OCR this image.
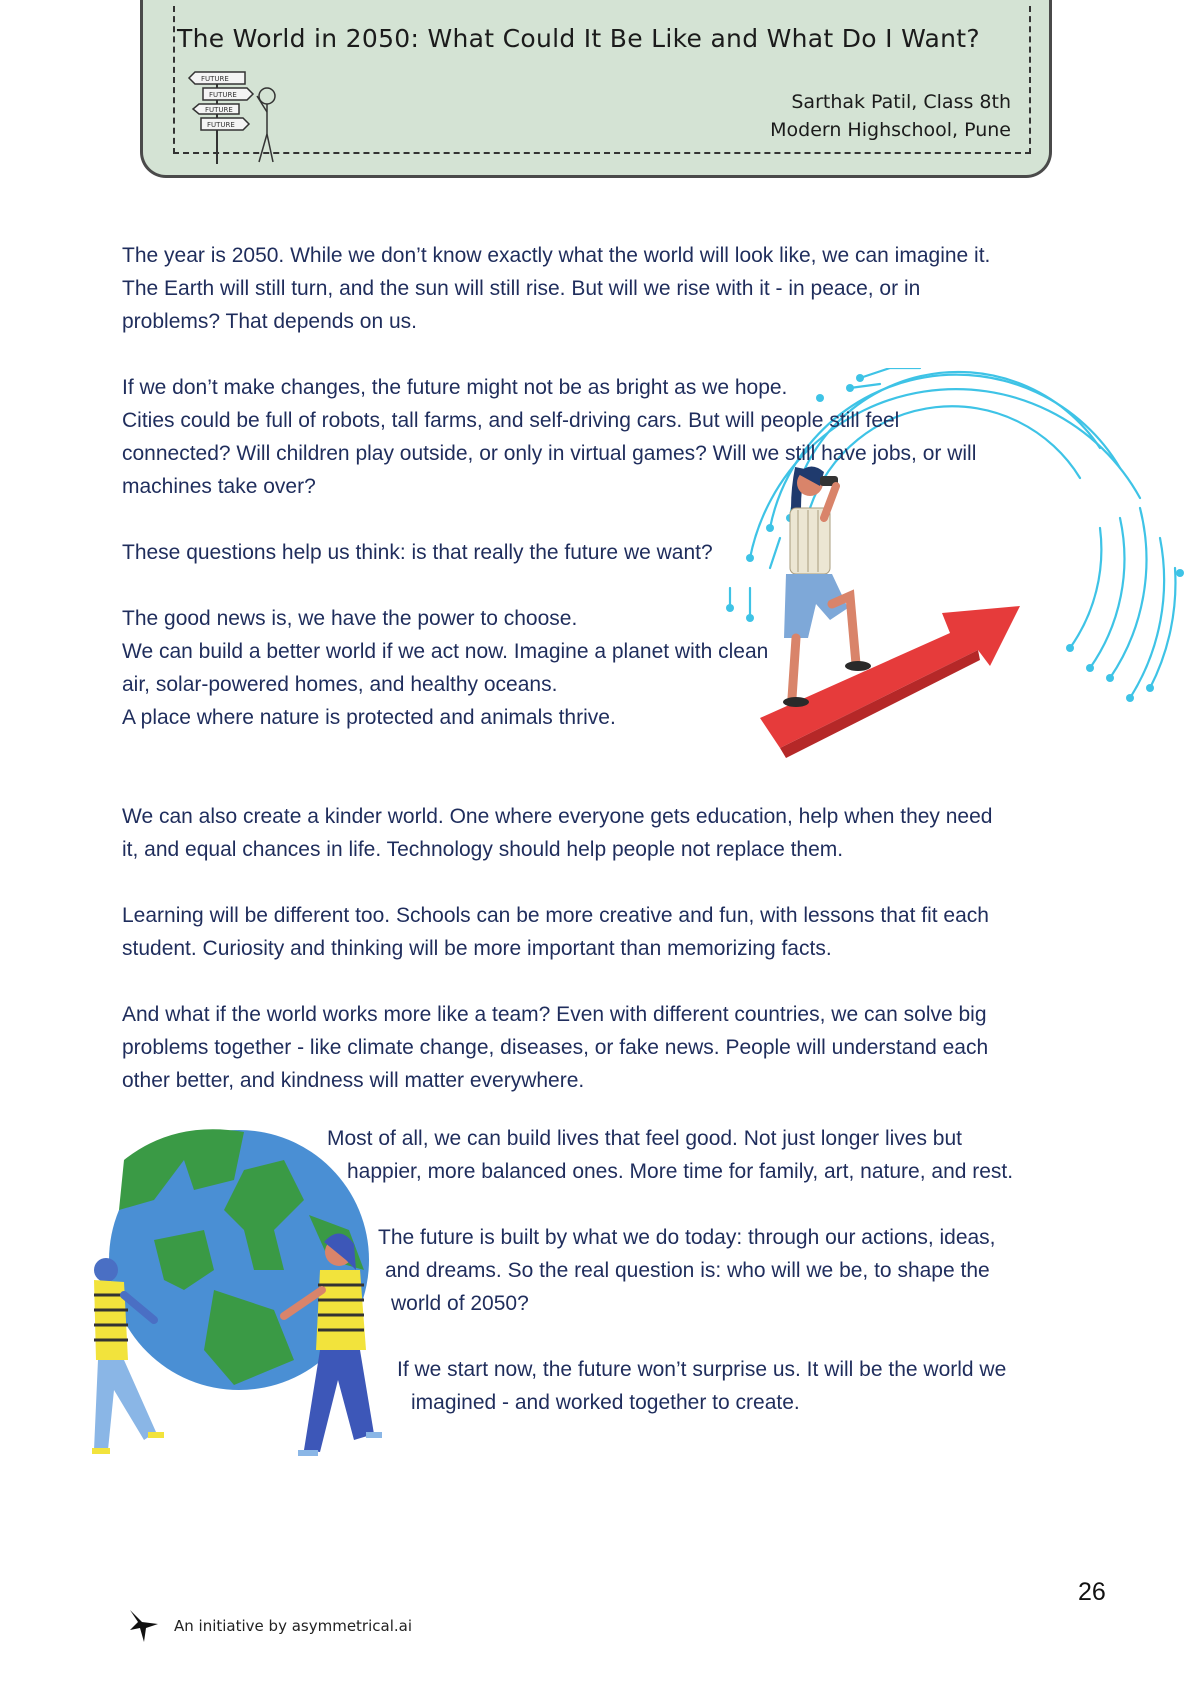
The World in 2050: What Could It Be Like and What Do I Want?
FUTURE
FUTURE
FUTURE
FUTURE
Sarthak Patil, Class 8th
Modern Highschool, Pune
The year is 2050. While we don’t know exactly what the world will look like, we can imagine it.
The Earth will still turn, and the sun will still rise. But will we rise with it - in peace, or in
problems? That depends on us.
If we don’t make changes, the future might not be as bright as we hope.
Cities could be full of robots, tall farms, and self-driving cars. But will people still feel
connected? Will children play outside, or only in virtual games? Will we still have jobs, or will
machines take over?
These questions help us think: is that really the future we want?
The good news is, we have the power to choose.
We can build a better world if we act now. Imagine a planet with clean
air, solar-powered homes, and healthy oceans.
A place where nature is protected and animals thrive.
We can also create a kinder world. One where everyone gets education, help when they need
it, and equal chances in life. Technology should help people not replace them.
Learning will be different too. Schools can be more creative and fun, with lessons that fit each
student. Curiosity and thinking will be more important than memorizing facts.
And what if the world works more like a team? Even with different countries, we can solve big
problems together - like climate change, diseases, or fake news. People will understand each
other better, and kindness will matter everywhere.
Most of all, we can build lives that feel good. Not just longer lives but
happier, more balanced ones. More time for family, art, nature, and rest.
The future is built by what we do today: through our actions, ideas,
and dreams. So the real question is: who will we be, to shape the
world of 2050?
If we start now, the future won’t surprise us. It will be the world we
imagined - and worked together to create.
26
An initiative by asymmetrical.ai
